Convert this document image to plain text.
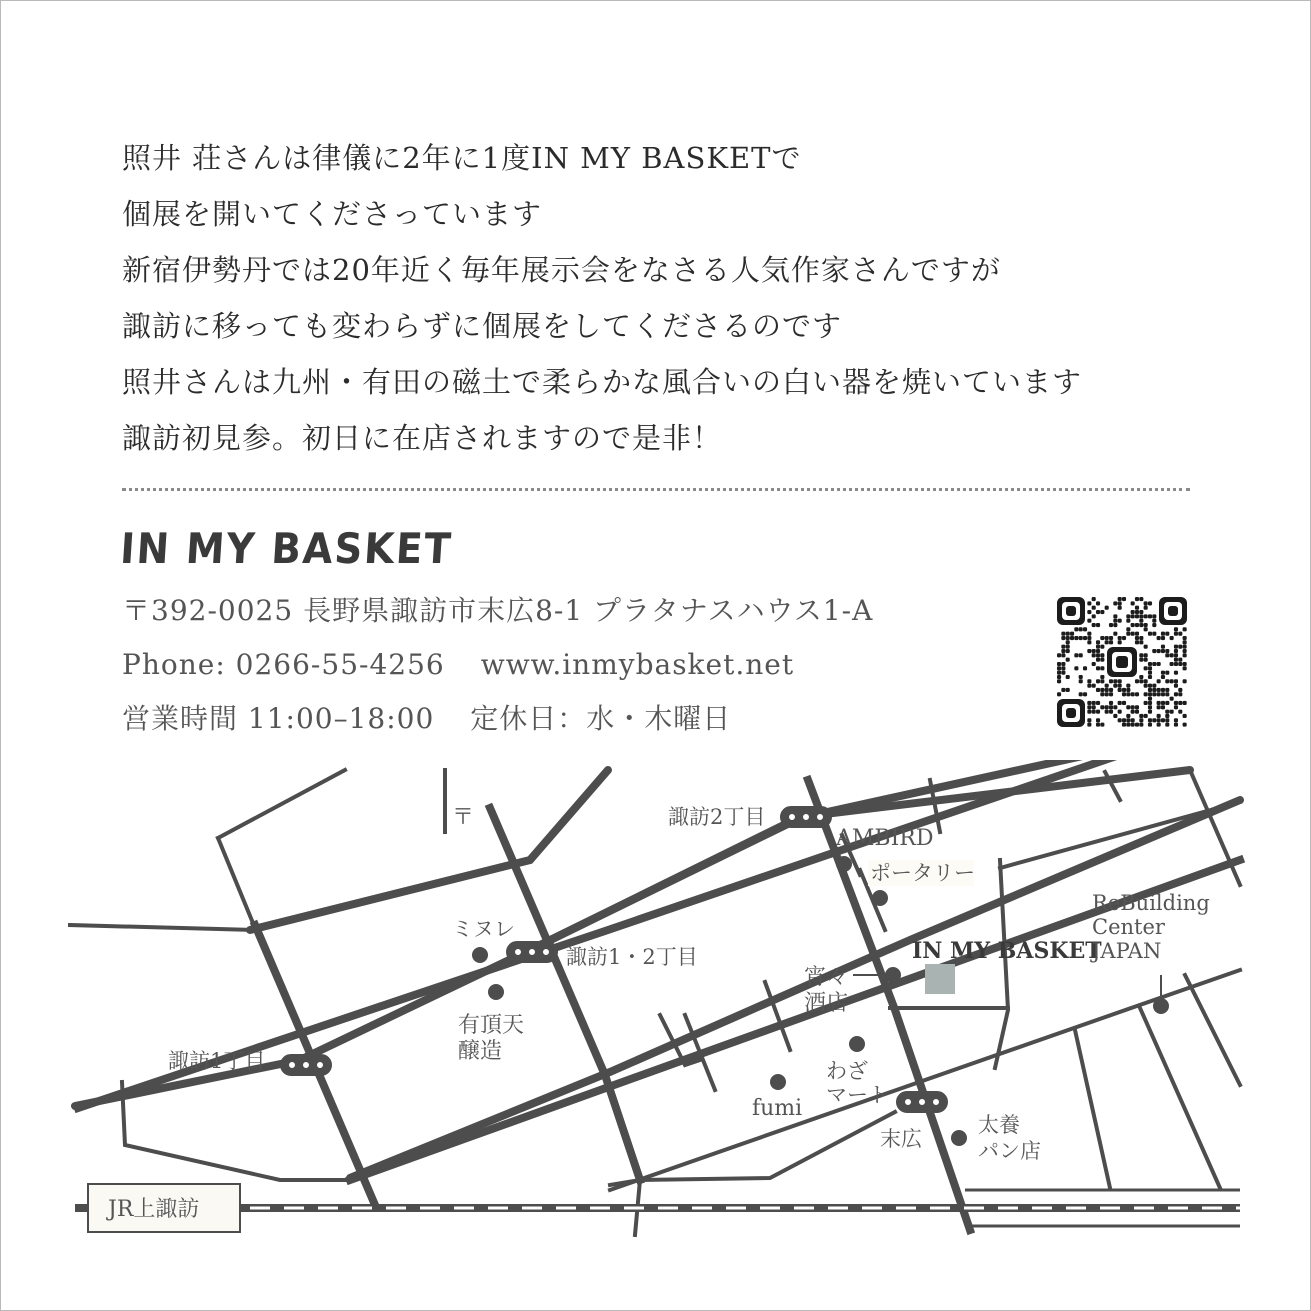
照井 荘さんは律儀に2年に1度IN MY BASKETで

個展を開いてくださっています

新宿伊勢丹では20年近く毎年展示会をなさる人気作家さんですが

諏訪に移っても変わらずに個展をしてくださるのです

照井さんは九州・有田の磁土で柔らかな風合いの白い器を焼いています

諏訪初見参。初日に在店されますので是非！

IN MY BASKET

〒392-0025 長野県諏訪市末広8-1 プラタナスハウス1-A

Phone: 0266-55-4256 www.inmybasket.net

営業時間 11:00–18:00 定休日：水・木曜日

〒	諏訪2丁目
AMBIRD
ポータリー
ミヌレ
諏訪1・2丁目
有頂天
醸造
諏訪1丁目
IN MY BASKET
宵々
酒店
ReBuilding
Center
JAPAN
わざ
マート
fumi
末広
太養
パン店
JR上諏訪
